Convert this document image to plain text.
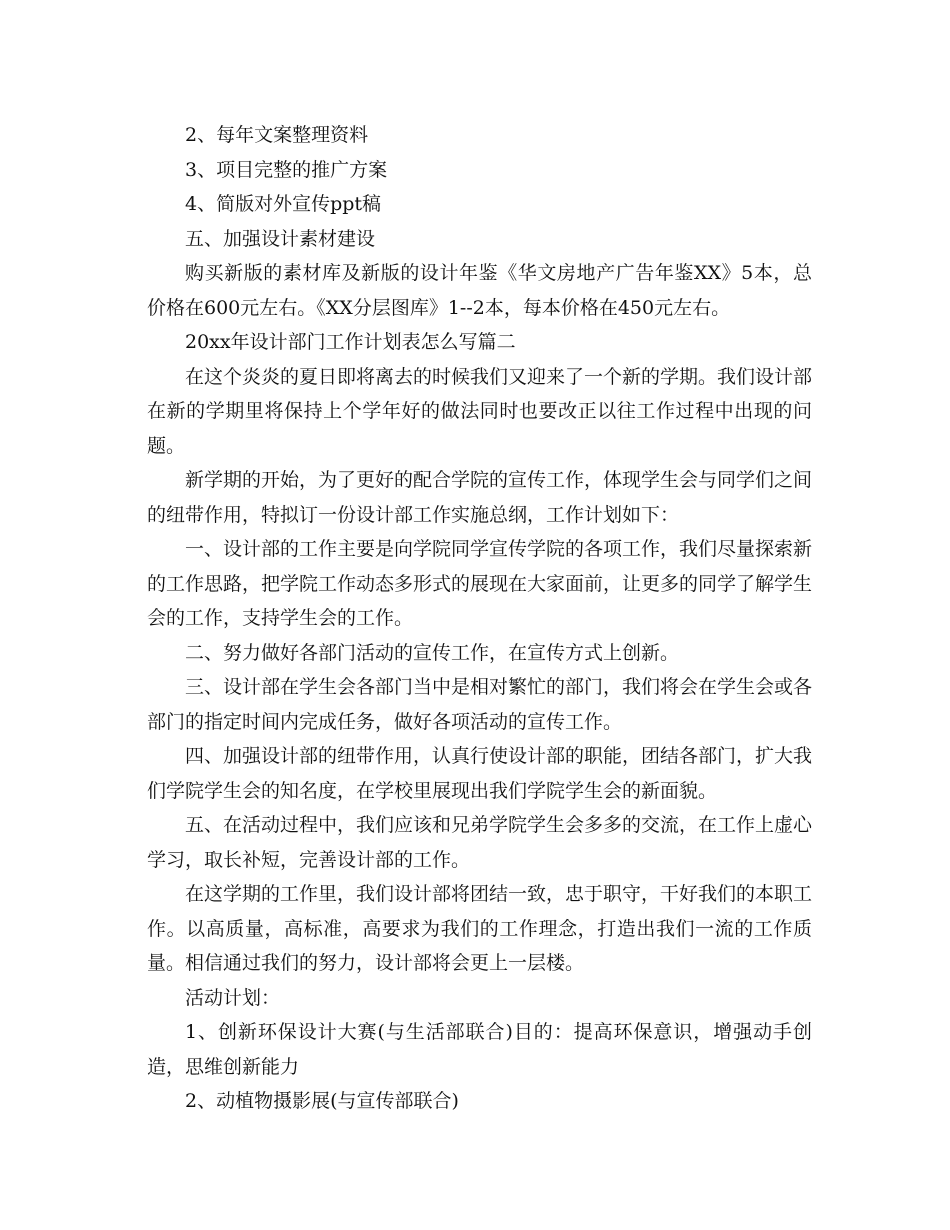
2、每年文案整理资料

3、项目完整的推广方案

4、简版对外宣传ppt稿

五、加强设计素材建设

购买新版的素材库及新版的设计年鉴《华文房地产广告年鉴XX》5本，总价格在600元左右。《XX分层图库》1--2本，每本价格在450元左右。

20xx年设计部门工作计划表怎么写篇二

在这个炎炎的夏日即将离去的时候我们又迎来了一个新的学期。我们设计部在新的学期里将保持上个学年好的做法同时也要改正以往工作过程中出现的问题。

新学期的开始，为了更好的配合学院的宣传工作，体现学生会与同学们之间的纽带作用，特拟订一份设计部工作实施总纲，工作计划如下：

一、设计部的工作主要是向学院同学宣传学院的各项工作，我们尽量探索新的工作思路，把学院工作动态多形式的展现在大家面前，让更多的同学了解学生会的工作，支持学生会的工作。

二、努力做好各部门活动的宣传工作，在宣传方式上创新。

三、设计部在学生会各部门当中是相对繁忙的部门，我们将会在学生会或各部门的指定时间内完成任务，做好各项活动的宣传工作。

四、加强设计部的纽带作用，认真行使设计部的职能，团结各部门，扩大我们学院学生会的知名度，在学校里展现出我们学院学生会的新面貌。

五、在活动过程中，我们应该和兄弟学院学生会多多的交流，在工作上虚心学习，取长补短，完善设计部的工作。

在这学期的工作里，我们设计部将团结一致，忠于职守，干好我们的本职工作。以高质量，高标准，高要求为我们的工作理念，打造出我们一流的工作质量。相信通过我们的努力，设计部将会更上一层楼。

活动计划：

1、创新环保设计大赛(与生活部联合)目的：提高环保意识，增强动手创造，思维创新能力

2、动植物摄影展(与宣传部联合)
